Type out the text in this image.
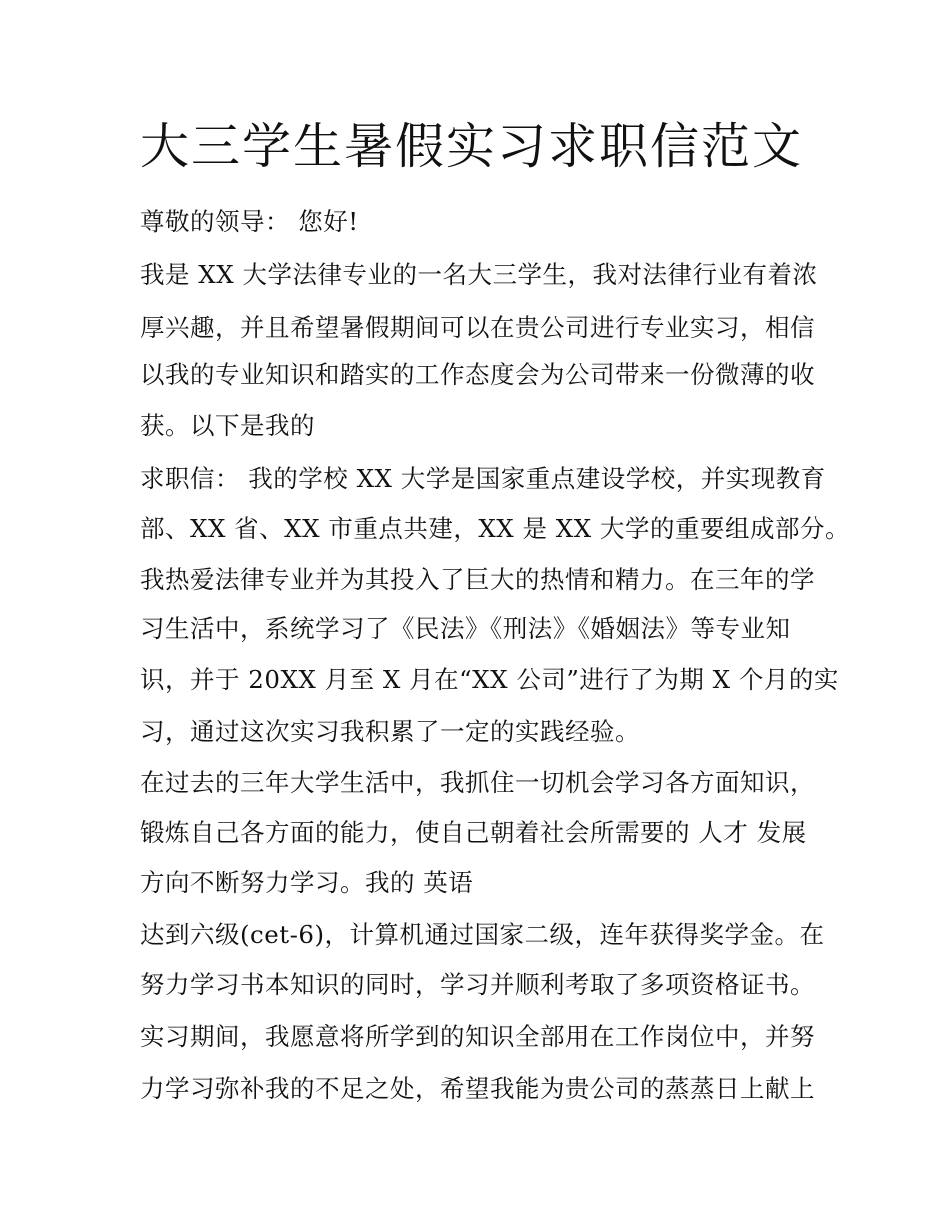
大三学生暑假实习求职信范文

尊敬的领导： 您好!

我是 XX 大学法律专业的一名大三学生，我对法律行业有着浓

厚兴趣，并且希望暑假期间可以在贵公司进行专业实习，相信

以我的专业知识和踏实的工作态度会为公司带来一份微薄的收

获。以下是我的

求职信： 我的学校 XX 大学是国家重点建设学校，并实现教育

部、XX 省、XX 市重点共建，XX 是 XX 大学的重要组成部分。

我热爱法律专业并为其投入了巨大的热情和精力。在三年的学

习生活中，系统学习了《民法》《刑法》《婚姻法》等专业知

识，并于 20XX 月至 X 月在“XX 公司”进行了为期 X 个月的实

习，通过这次实习我积累了一定的实践经验。

在过去的三年大学生活中，我抓住一切机会学习各方面知识，

锻炼自己各方面的能力，使自己朝着社会所需要的 人才 发展

方向不断努力学习。我的 英语

达到六级(cet-6)，计算机通过国家二级，连年获得奖学金。在

努力学习书本知识的同时，学习并顺利考取了多项资格证书。

实习期间，我愿意将所学到的知识全部用在工作岗位中，并努

力学习弥补我的不足之处，希望我能为贵公司的蒸蒸日上献上
